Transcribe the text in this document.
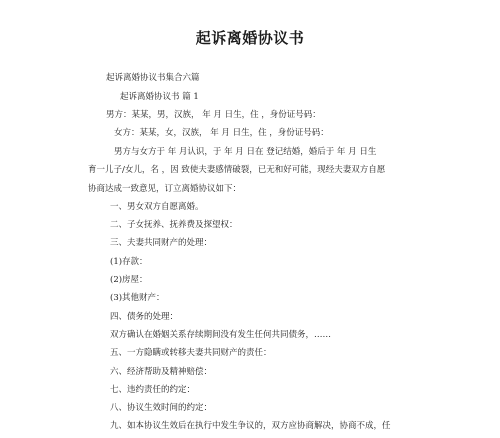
起诉离婚协议书
起诉离婚协议书集合六篇
起诉离婚协议书 篇 1
男方：某某，男，汉族， 年 月 日生，住 ，身份证号码：
女方：某某，女，汉族， 年 月 日生，住 ，身份证号码：
男方与女方于 年 月认识，于 年 月 日在 登记结婚，婚后于 年 月 日生
育一儿子/女儿，名 ，因 致使夫妻感情破裂，已无和好可能，现经夫妻双方自愿
协商达成一致意见，订立离婚协议如下：
一、男女双方自愿离婚。
二、子女抚养、抚养费及探望权：
三、夫妻共同财产的处理：
(1)存款：
(2)房屋：
(3)其他财产：
四、债务的处理：
双方确认在婚姻关系存续期间没有发生任何共同债务，……
五、一方隐瞒或转移夫妻共同财产的责任：
六、经济帮助及精神赔偿：
七、违约责任的约定：
八、协议生效时间的约定：
九、如本协议生效后在执行中发生争议的，双方应协商解决，协商不成，任
